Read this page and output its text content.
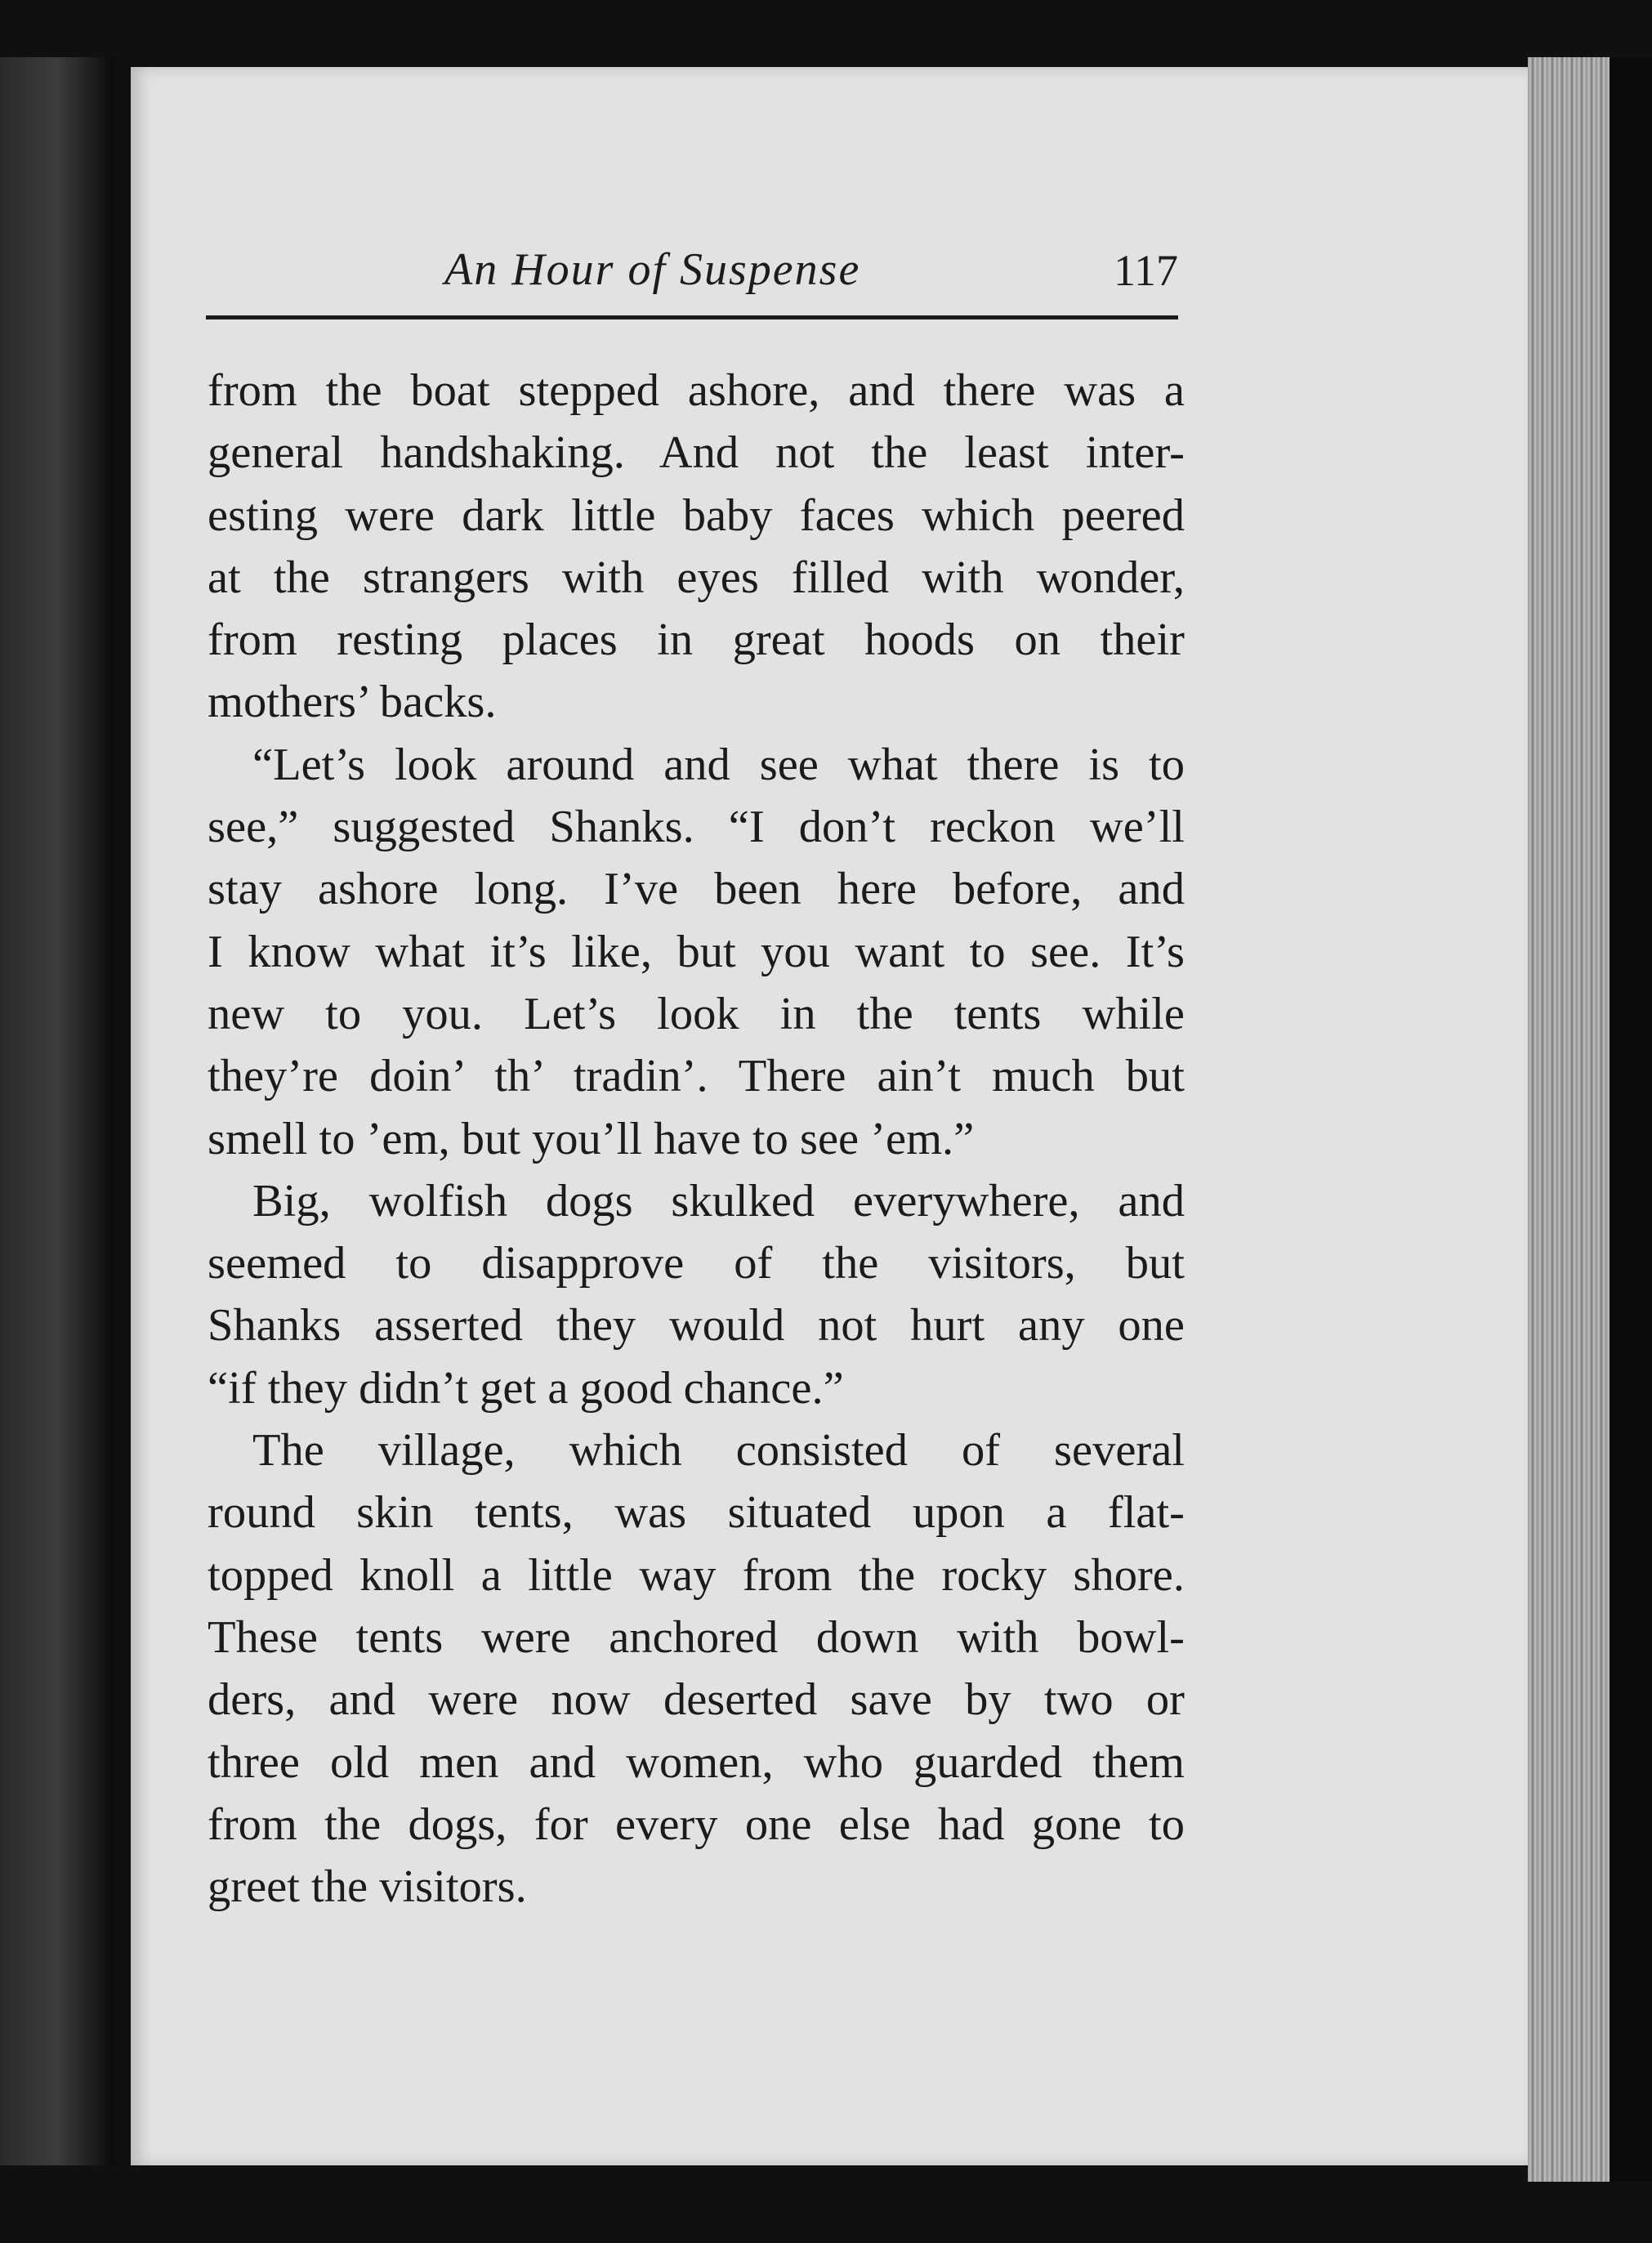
An Hour of Suspense	117
from the boat stepped ashore, and there was a
general handshaking. And not the least inter-
esting were dark little baby faces which peered
at the strangers with eyes filled with wonder,
from resting places in great hoods on their
mothers’ backs.
“Let’s look around and see what there is to
see,” suggested Shanks. “I don’t reckon we’ll
stay ashore long. I’ve been here before, and
I know what it’s like, but you want to see. It’s
new to you. Let’s look in the tents while
they’re doin’ th’ tradin’. There ain’t much but
smell to ’em, but you’ll have to see ’em.”
Big, wolfish dogs skulked everywhere, and
seemed to disapprove of the visitors, but
Shanks asserted they would not hurt any one
“if they didn’t get a good chance.”
The village, which consisted of several
round skin tents, was situated upon a flat-
topped knoll a little way from the rocky shore.
These tents were anchored down with bowl-
ders, and were now deserted save by two or
three old men and women, who guarded them
from the dogs, for every one else had gone to
greet the visitors.
